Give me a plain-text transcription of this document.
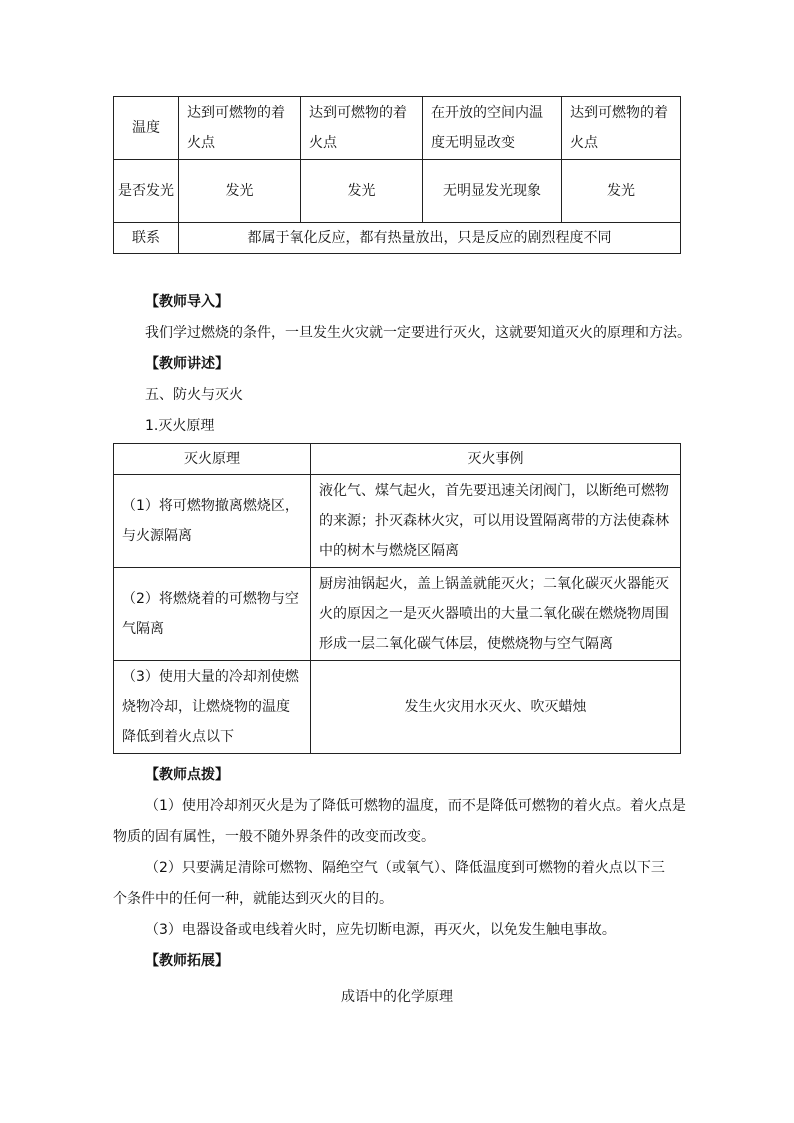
温度	达到可燃物的着火点	达到可燃物的着火点	在开放的空间内温度无明显改变	达到可燃物的着火点
是否发光	发光	发光	无明显发光现象	发光
联系	都属于氧化反应，都有热量放出，只是反应的剧烈程度不同			
【教师导入】
我们学过燃烧的条件，一旦发生火灾就一定要进行灭火，这就要知道灭火的原理和方法。
【教师讲述】
五、防火与灭火
1.灭火原理
灭火原理	灭火事例
（1）将可燃物撤离燃烧区，与火源隔离	液化气、煤气起火，首先要迅速关闭阀门，以断绝可燃物的来源；扑灭森林火灾，可以用设置隔离带的方法使森林中的树木与燃烧区隔离
（2）将燃烧着的可燃物与空气隔离	厨房油锅起火，盖上锅盖就能灭火；二氧化碳灭火器能灭火的原因之一是灭火器喷出的大量二氧化碳在燃烧物周围形成一层二氧化碳气体层，使燃烧物与空气隔离
（3）使用大量的冷却剂使燃烧物冷却，让燃烧物的温度降低到着火点以下	发生火灾用水灭火、吹灭蜡烛
【教师点拨】
（1）使用冷却剂灭火是为了降低可燃物的温度，而不是降低可燃物的着火点。着火点是
物质的固有属性，一般不随外界条件的改变而改变。
（2）只要满足清除可燃物、隔绝空气（或氧气）、降低温度到可燃物的着火点以下三
个条件中的任何一种，就能达到灭火的目的。
（3）电器设备或电线着火时，应先切断电源，再灭火，以免发生触电事故。
【教师拓展】
成语中的化学原理
